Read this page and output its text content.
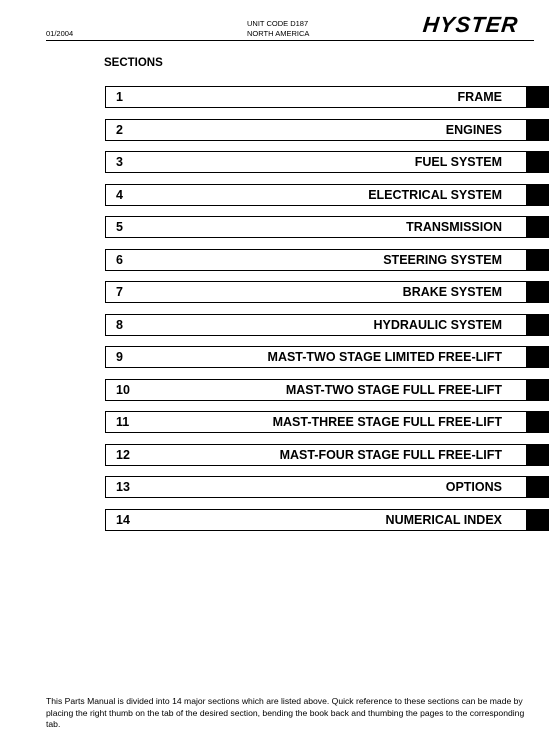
01/2004
UNIT CODE D187
NORTH AMERICA	HYSTER
SECTIONS
1	FRAME
2	ENGINES
3	FUEL SYSTEM
4	ELECTRICAL SYSTEM
5	TRANSMISSION
6	STEERING SYSTEM
7	BRAKE SYSTEM
8	HYDRAULIC SYSTEM
9	MAST-TWO STAGE LIMITED FREE-LIFT
10	MAST-TWO STAGE FULL FREE-LIFT
11	MAST-THREE STAGE FULL FREE-LIFT
12	MAST-FOUR STAGE FULL FREE-LIFT
13	OPTIONS
14	NUMERICAL INDEX
This Parts Manual is divided into 14 major sections which are listed above. Quick reference to these sections can be made by placing the right thumb on the tab of the desired section, bending the book back and thumbing the pages to the corresponding tab.
